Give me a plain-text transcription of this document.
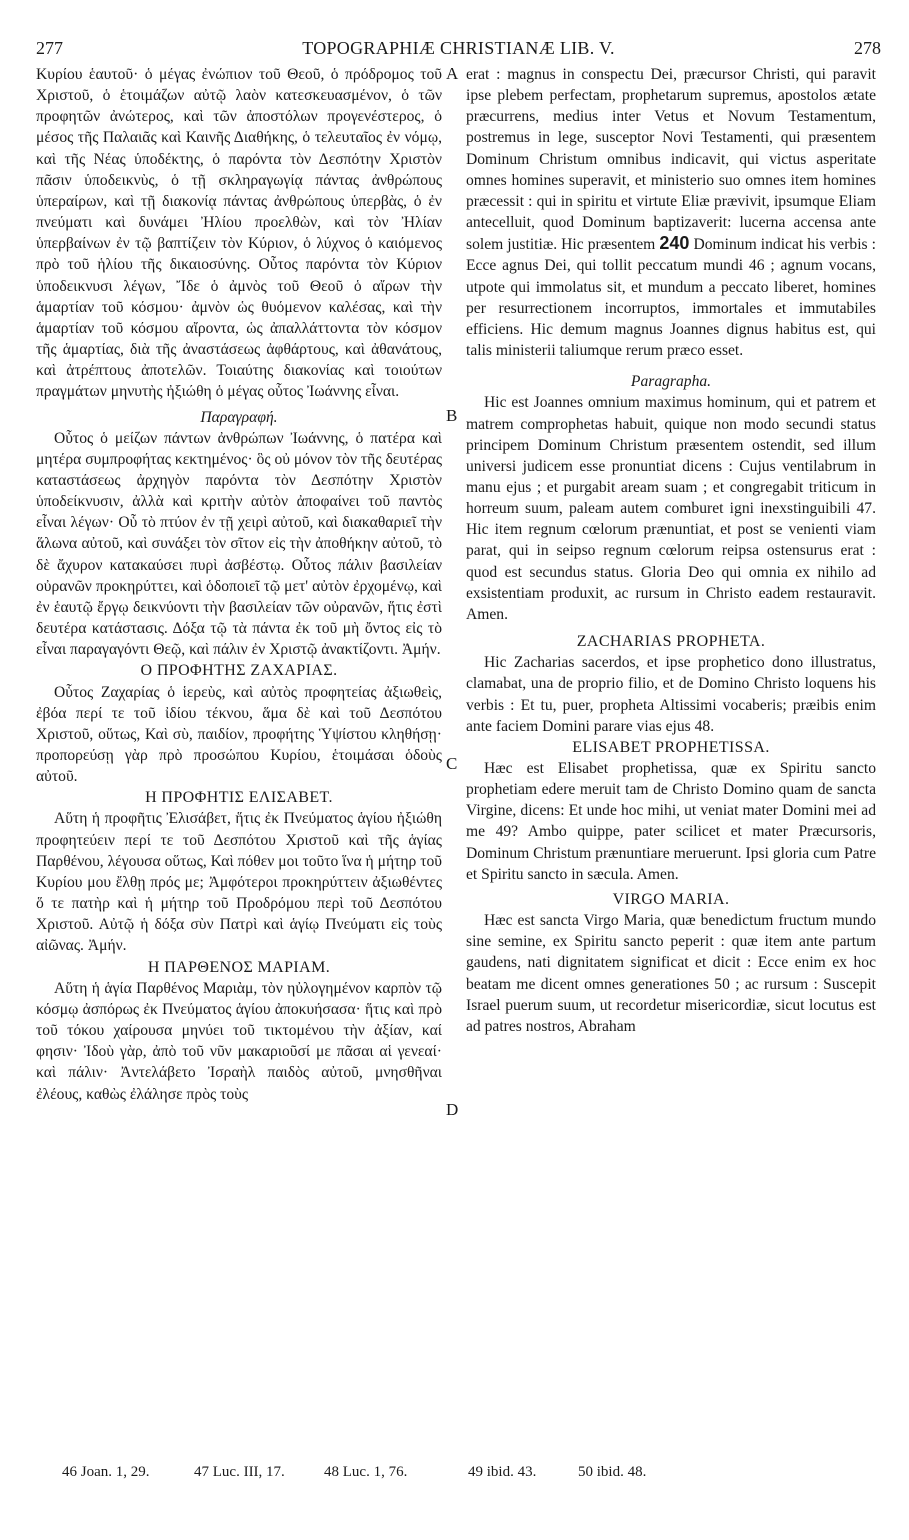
277	TOPOGRAPHIÆ CHRISTIANÆ LIB. V.	278

Κυρίου ἑαυτοῦ· ὁ μέγας ἐνώπιον τοῦ Θεοῦ, ὁ πρόδρομος τοῦ Χριστοῦ, ὁ ἑτοιμάζων αὐτῷ λαὸν κατεσκευασμένον, ὁ τῶν προφητῶν ἀνώτερος, καὶ τῶν ἀποστόλων προγενέστερος, ὁ μέσος τῆς Παλαιᾶς καὶ Καινῆς Διαθήκης, ὁ τελευταῖος ἐν νόμῳ, καὶ τῆς Νέας ὑποδέκτης, ὁ παρόντα τὸν Δεσπότην Χριστὸν πᾶσιν ὑποδεικνὺς, ὁ τῇ σκληραγωγίᾳ πάντας ἀνθρώπους ὑπεραίρων, καὶ τῇ διακονίᾳ πάντας ἀνθρώπους ὑπερβὰς, ὁ ἐν πνεύματι καὶ δυνάμει Ἠλίου προελθὼν, καὶ τὸν Ἠλίαν ὑπερβαίνων ἐν τῷ βαπτίζειν τὸν Κύριον, ὁ λύχνος ὁ καιόμενος πρὸ τοῦ ἡλίου τῆς δικαιοσύνης. Οὗτος παρόντα τὸν Κύριον ὑποδεικνυσι λέγων, Ἴδε ὁ ἀμνὸς τοῦ Θεοῦ ὁ αἴρων τὴν ἁμαρτίαν τοῦ κόσμου· ἀμνὸν ὡς θυόμενον καλέσας, καὶ τὴν ἁμαρτίαν τοῦ κόσμου αἴροντα, ὡς ἀπαλλάττοντα τὸν κόσμον τῆς ἁμαρτίας, διὰ τῆς ἀναστάσεως ἀφθάρτους, καὶ ἀθανάτους, καὶ ἀτρέπτους ἀποτελῶν. Τοιαύτης διακονίας καὶ τοιούτων πραγμάτων μηνυτὴς ἠξιώθη ὁ μέγας οὗτος Ἰωάννης εἶναι.

Παραγραφή.

Οὗτος ὁ μείζων πάντων ἀνθρώπων Ἰωάννης, ὁ πατέρα καὶ μητέρα συμπροφήτας κεκτημένος· ὃς οὐ μόνον τὸν τῆς δευτέρας καταστάσεως ἀρχηγὸν παρόντα τὸν Δεσπότην Χριστὸν ὑποδείκνυσιν, ἀλλὰ καὶ κριτὴν αὐτὸν ἀποφαίνει τοῦ παντὸς εἶναι λέγων· Οὗ τὸ πτύον ἐν τῇ χειρὶ αὐτοῦ, καὶ διακαθαριεῖ τὴν ἅλωνα αὐτοῦ, καὶ συνάξει τὸν σῖτον εἰς τὴν ἀποθήκην αὐτοῦ, τὸ δὲ ἄχυρον κατακαύσει πυρὶ ἀσβέστῳ. Οὗτος πάλιν βασιλείαν οὐρανῶν προκηρύττει, καὶ ὁδοποιεῖ τῷ μετ' αὐτὸν ἐρχομένῳ, καὶ ἐν ἑαυτῷ ἔργῳ δεικνύοντι τὴν βασιλείαν τῶν οὐρανῶν, ἥτις ἐστὶ δευτέρα κατάστασις. Δόξα τῷ τὰ πάντα ἐκ τοῦ μὴ ὄντος εἰς τὸ εἶναι παραγαγόντι Θεῷ, καὶ πάλιν ἐν Χριστῷ ἀνακτίζοντι. Ἀμήν.

Ο ΠΡΟΦΗΤΗΣ ΖΑΧΑΡΙΑΣ.

Οὗτος Ζαχαρίας ὁ ἱερεὺς, καὶ αὐτὸς προφητείας ἀξιωθεὶς, ἐβόα περί τε τοῦ ἰδίου τέκνου, ἅμα δὲ καὶ τοῦ Δεσπότου Χριστοῦ, οὕτως, Καὶ σὺ, παιδίον, προφήτης Ὑψίστου κληθήσῃ· προπορεύσῃ γὰρ πρὸ προσώπου Κυρίου, ἑτοιμάσαι ὁδοὺς αὐτοῦ.

Η ΠΡΟΦΗΤΙΣ ΕΛΙΣΑΒΕΤ.

Αὕτη ἡ προφῆτις Ἐλισάβετ, ἥτις ἐκ Πνεύματος ἁγίου ἠξιώθη προφητεύειν περί τε τοῦ Δεσπότου Χριστοῦ καὶ τῆς ἁγίας Παρθένου, λέγουσα οὕτως, Καὶ πόθεν μοι τοῦτο ἵνα ἡ μήτηρ τοῦ Κυρίου μου ἔλθῃ πρός με; Ἀμφότεροι προκηρύττειν ἀξιωθέντες ὅ τε πατὴρ καὶ ἡ μήτηρ τοῦ Προδρόμου περὶ τοῦ Δεσπότου Χριστοῦ. Αὐτῷ ἡ δόξα σὺν Πατρὶ καὶ ἁγίῳ Πνεύματι εἰς τοὺς αἰῶνας. Ἀμήν.

Η ΠΑΡΘΕΝΟΣ ΜΑΡΙΑΜ.

Αὕτη ἡ ἁγία Παρθένος Μαριὰμ, τὸν ηὐλογημένον καρπὸν τῷ κόσμῳ ἀσπόρως ἐκ Πνεύματος ἁγίου ἀποκυήσασα· ἥτις καὶ πρὸ τοῦ τόκου χαίρουσα μηνύει τοῦ τικτομένου τὴν ἀξίαν, καί φησιν· Ἰδοὺ γὰρ, ἀπὸ τοῦ νῦν μακαριοῦσί με πᾶσαι αἱ γενεαί· καὶ πάλιν· Ἀντελάβετο Ἰσραὴλ παιδὸς αὐτοῦ, μνησθῆναι ἐλέους, καθὼς ἐλάλησε πρὸς τοὺς

A
B
C
D

erat : magnus in conspectu Dei, præcursor Christi, qui paravit ipse plebem perfectam, prophetarum supremus, apostolos ætate præcurrens, medius inter Vetus et Novum Testamentum, postremus in lege, susceptor Novi Testamenti, qui præsentem Dominum Christum omnibus indicavit, qui victus asperitate omnes homines superavit, et ministerio suo omnes item homines præcessit : qui in spiritu et virtute Eliæ prævivit, ipsumque Eliam antecelluit, quod Dominum baptizaverit: lucerna accensa ante solem justitiæ. Hic præsentem 240 Dominum indicat his verbis : Ecce agnus Dei, qui tollit peccatum mundi 46 ; agnum vocans, utpote qui immolatus sit, et mundum a peccato liberet, homines per resurrectionem incorruptos, immortales et immutabiles efficiens. Hic demum magnus Joannes dignus habitus est, qui talis ministerii taliumque rerum præco esset.

Paragrapha.

Hic est Joannes omnium maximus hominum, qui et patrem et matrem comprophetas habuit, quique non modo secundi status principem Dominum Christum præsentem ostendit, sed illum universi judicem esse pronuntiat dicens : Cujus ventilabrum in manu ejus ; et purgabit aream suam ; et congregabit triticum in horreum suum, paleam autem comburet igni inexstinguibili 47. Hic item regnum cœlorum prænuntiat, et post se venienti viam parat, qui in seipso regnum cœlorum reipsa ostensurus erat : quod est secundus status. Gloria Deo qui omnia ex nihilo ad exsistentiam produxit, ac rursum in Christo eadem restauravit. Amen.

ZACHARIAS PROPHETA.

Hic Zacharias sacerdos, et ipse prophetico dono illustratus, clamabat, una de proprio filio, et de Domino Christo loquens his verbis : Et tu, puer, propheta Altissimi vocaberis; præibis enim ante faciem Domini parare vias ejus 48.

ELISABET PROPHETISSA.

Hæc est Elisabet prophetissa, quæ ex Spiritu sancto prophetiam edere meruit tam de Christo Domino quam de sancta Virgine, dicens: Et unde hoc mihi, ut veniat mater Domini mei ad me 49? Ambo quippe, pater scilicet et mater Præcursoris, Dominum Christum prænuntiare meruerunt. Ipsi gloria cum Patre et Spiritu sancto in sæcula. Amen.

VIRGO MARIA.

Hæc est sancta Virgo Maria, quæ benedictum fructum mundo sine semine, ex Spiritu sancto peperit : quæ item ante partum gaudens, nati dignitatem significat et dicit : Ecce enim ex hoc beatam me dicent omnes generationes 50 ; ac rursum : Suscepit Israel puerum suum, ut recordetur misericordiæ, sicut locutus est ad patres nostros, Abraham

46 Joan. 1, 29.	47 Luc. III, 17.	48 Luc. 1, 76.	49 ibid. 43.	50 ibid. 48.
